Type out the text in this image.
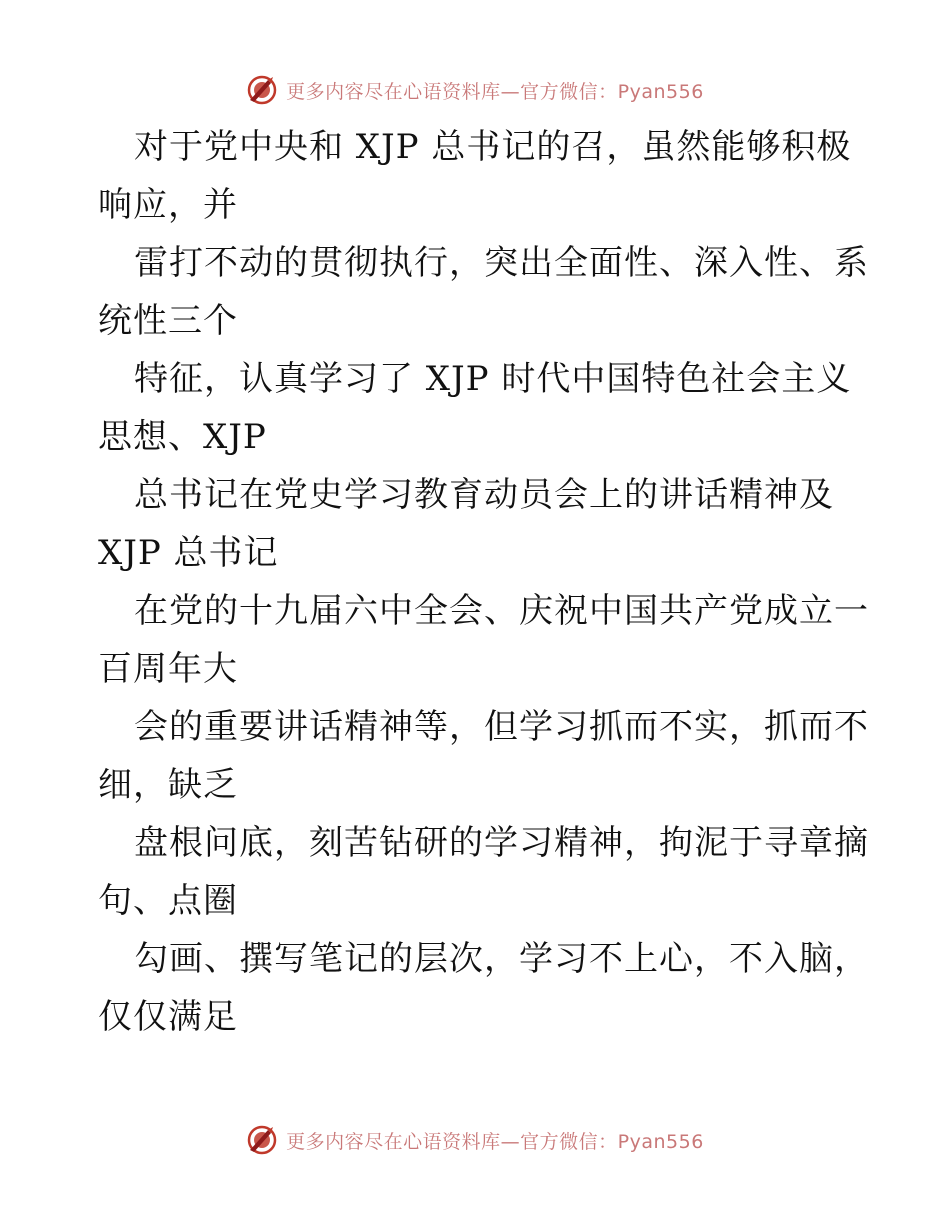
更多内容尽在心语资料库—官方微信：Pyan556
对于党中央和 XJP 总书记的召，虽然能够积极
响应，并
雷打不动的贯彻执行，突出全面性、深入性、系
统性三个
特征，认真学习了 XJP 时代中国特色社会主义
思想、XJP
总书记在党史学习教育动员会上的讲话精神及
XJP 总书记
在党的十九届六中全会、庆祝中国共产党成立一
百周年大
会的重要讲话精神等，但学习抓而不实，抓而不
细，缺乏
盘根问底，刻苦钻研的学习精神，拘泥于寻章摘
句、点圈
勾画、撰写笔记的层次，学习不上心，不入脑，
仅仅满足
更多内容尽在心语资料库—官方微信：Pyan556
